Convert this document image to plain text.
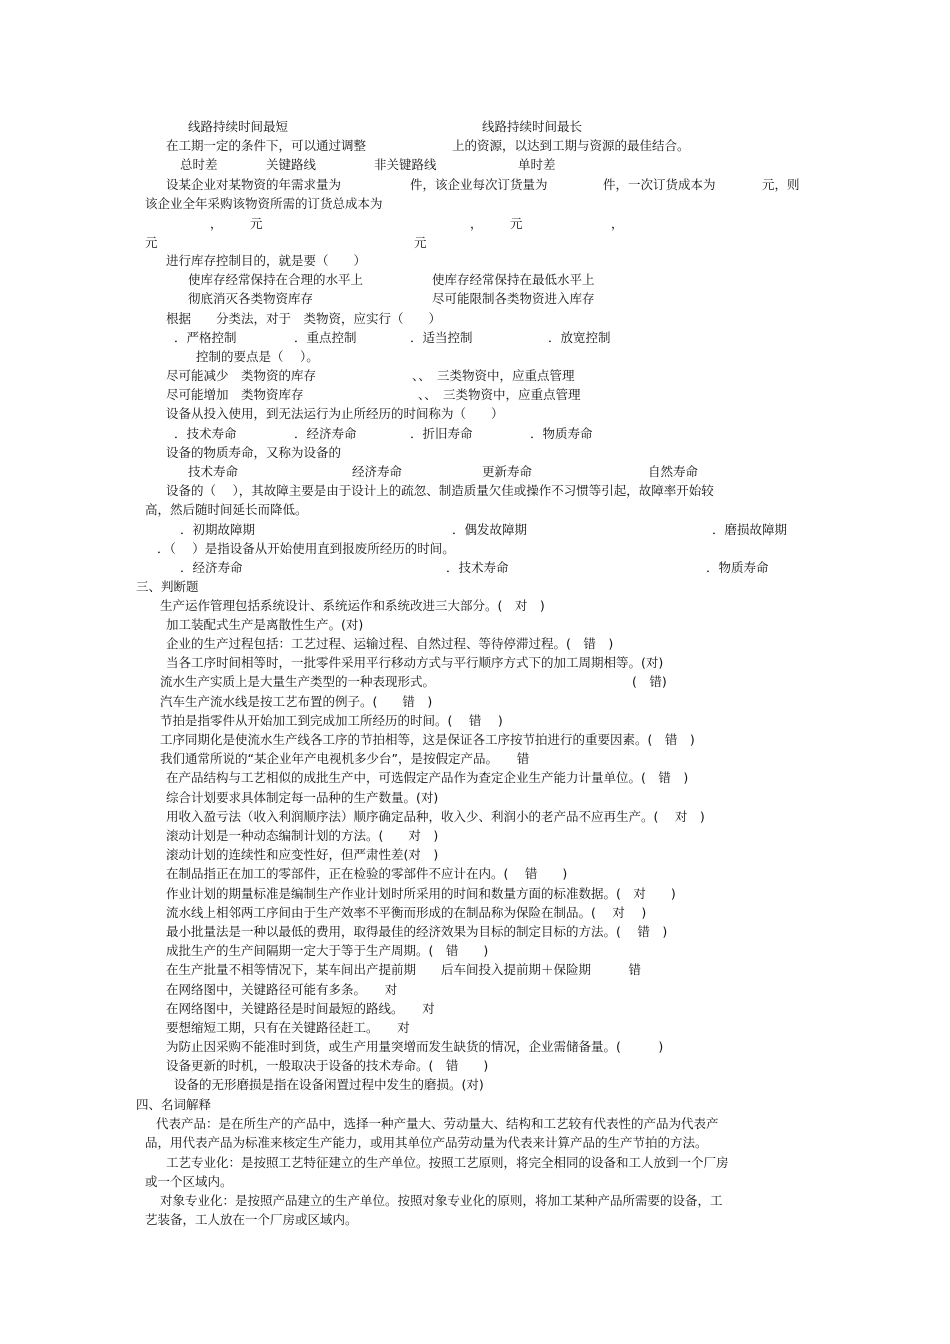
线路持续时间最短	线路持续时间最长
在工期一定的条件下，可以通过调整	上的资源，以达到工期与资源的最佳结合。
总时差	关键路线	非关键路线	单时差
设某企业对某物资的年需求量为	件，该企业每次订货量为	件，一次订货成本为	元，则
该企业全年采购该物资所需的订货总成本为
， 元	， 元	，
元	元
进行库存控制目的，就是要（　　）
使库存经常保持在合理的水平上	使库存经常保持在最低水平上
彻底消灭各类物资库存	尽可能限制各类物资进入库存
根据　　分类法，对于　类物资，应实行（　　）
．严格控制	．重点控制	．适当控制	．放宽控制
控制的要点是（　 ）。
尽可能减少　类物资的库存	、、　三类物资中，应重点管理
尽可能增加　类物资库存	、、　三类物资中，应重点管理
设备从投入使用，到无法运行为止所经历的时间称为（　　）
．技术寿命	．经济寿命	．折旧寿命	．物质寿命
设备的物质寿命，又称为设备的
技术寿命	经济寿命	更新寿命	自然寿命
设备的（　 ），其故障主要是由于设计上的疏忽、制造质量欠佳或操作不习惯等引起，故障率开始较
高，然后随时间延长而降低。
．初期故障期	．偶发故障期	．磨损故障期
．（　 ）是指设备从开始使用直到报废所经历的时间。
．经济寿命	．技术寿命	．物质寿命
三、判断题
生产运作管理包括系统设计、系统运作和系统改进三大部分。(　对　)
加工装配式生产是离散性生产。(对)
企业的生产过程包括：工艺过程、运输过程、自然过程、等待停滞过程。(　错　)
当各工序时间相等时，一批零件采用平行移动方式与平行顺序方式下的加工周期相等。(对)
流水生产实质上是大量生产类型的一种表现形式。	(　错)
汽车生产流水线是按工艺布置的例子。(　　错　)
节拍是指零件从开始加工到完成加工所经历的时间。(　 错　 )
工序同期化是使流水生产线各工序的节拍相等，这是保证各工序按节拍进行的重要因素。(　错　)
我们通常所说的“某企业年产电视机多少台”，是按假定产品。　　错
在产品结构与工艺相似的成批生产中，可选假定产品作为查定企业生产能力计量单位。(　错　)
综合计划要求具体制定每一品种的生产数量。(对)
用收入盈亏法（收入利润顺序法）顺序确定品种，收入少、利润小的老产品不应再生产。(　 对　)
滚动计划是一种动态编制计划的方法。(　　对　)
滚动计划的连续性和应变性好，但严肃性差(对　)
在制品指正在加工的零部件，正在检验的零部件不应计在内。(　 错　　)
作业计划的期量标准是编制生产作业计划时所采用的时间和数量方面的标准数据。(　对　　)
流水线上相邻两工序间由于生产效率不平衡而形成的在制品称为保险在制品。(　 对　 )
最小批量法是一种以最低的费用，取得最佳的经济效果为目标的制定目标的方法。(　 错　)
成批生产的生产间隔期一定大于等于生产周期。(　错　　)
在生产批量不相等情况下，某车间出产提前期　　后车间投入提前期＋保险期　　　错
在网络图中，关键路径可能有多条。　　对
在网络图中，关键路径是时间最短的路线。　　对
要想缩短工期，只有在关键路径赶工。　　对
为防止因采购不能准时到货，或生产用量突增而发生缺货的情况，企业需储备量。(　　　)
设备更新的时机，一般取决于设备的技术寿命。(　错　　)
设备的无形磨损是指在设备闲置过程中发生的磨损。(对)
四、名词解释
代表产品：是在所生产的产品中，选择一种产量大、劳动量大、结构和工艺较有代表性的产品为代表产
品，用代表产品为标准来核定生产能力，或用其单位产品劳动量为代表来计算产品的生产节拍的方法。
工艺专业化：是按照工艺特征建立的生产单位。按照工艺原则，将完全相同的设备和工人放到一个厂房
或一个区域内。
对象专业化：是按照产品建立的生产单位。按照对象专业化的原则，将加工某种产品所需要的设备，工
艺装备，工人放在一个厂房或区域内。
